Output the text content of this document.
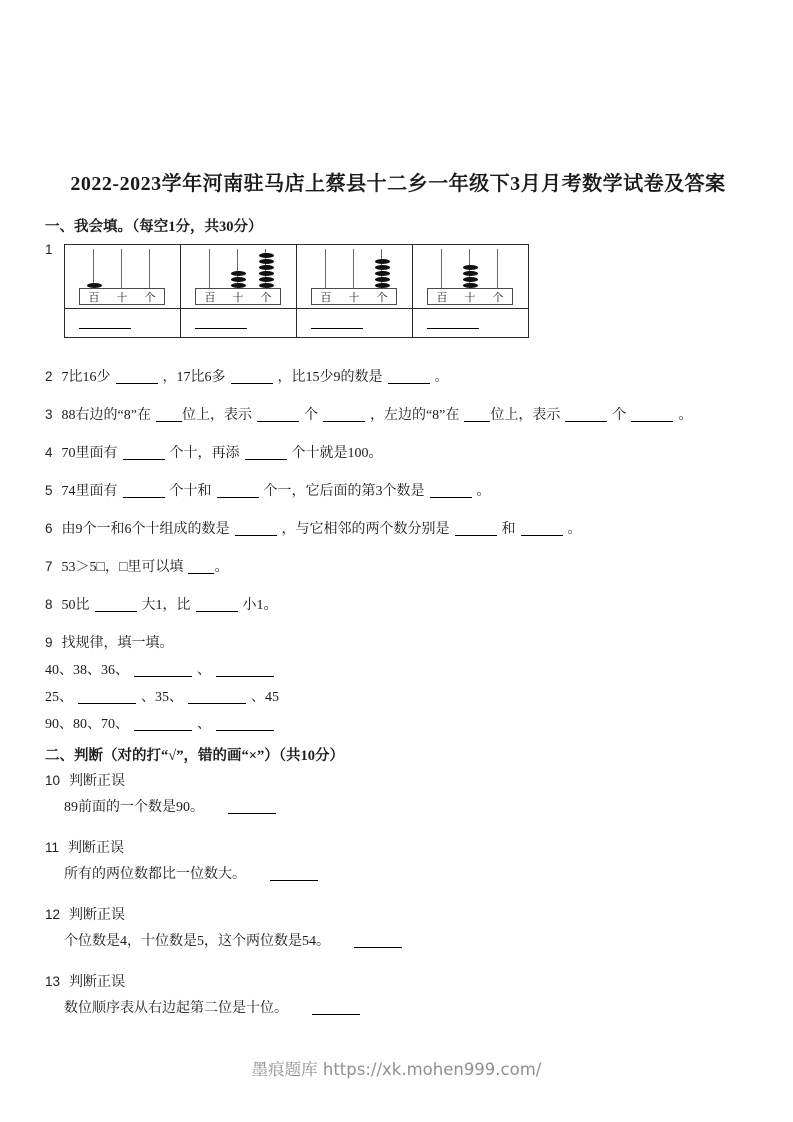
2022-2023学年河南驻马店上蔡县十二乡一年级下3月月考数学试卷及答案
一、我会填。（每空1分，共30分）
1
百 十 个	百 十 个	百 十 个	百 十 个

2 7比16少	，17比6多	，比15少9的数是	。

3 88右边的“8”在 位上，表示	个	，左边的“8”在 位上，表示	个	。

4 70里面有	个十，再添	个十就是100。

5 74里面有	个十和	个一，它后面的第3个数是	。

6 由9个一和6个十组成的数是	，与它相邻的两个数分别是	和	。

7 53＞5□，□里可以填 。

8 50比	大1，比	小1。

9 找规律，填一填。

40、38、36、	、

25、	、35、	、45

90、80、70、	、

二、判断（对的打“√”，错的画“×”）（共10分）

10 判断正误

89前面的一个数是90。

11 判断正误

所有的两位数都比一位数大。

12 判断正误

个位数是4，十位数是5，这个两位数是54。

13 判断正误

数位顺序表从右边起第二位是十位。

墨痕题库 https://xk.mohen999.com/
